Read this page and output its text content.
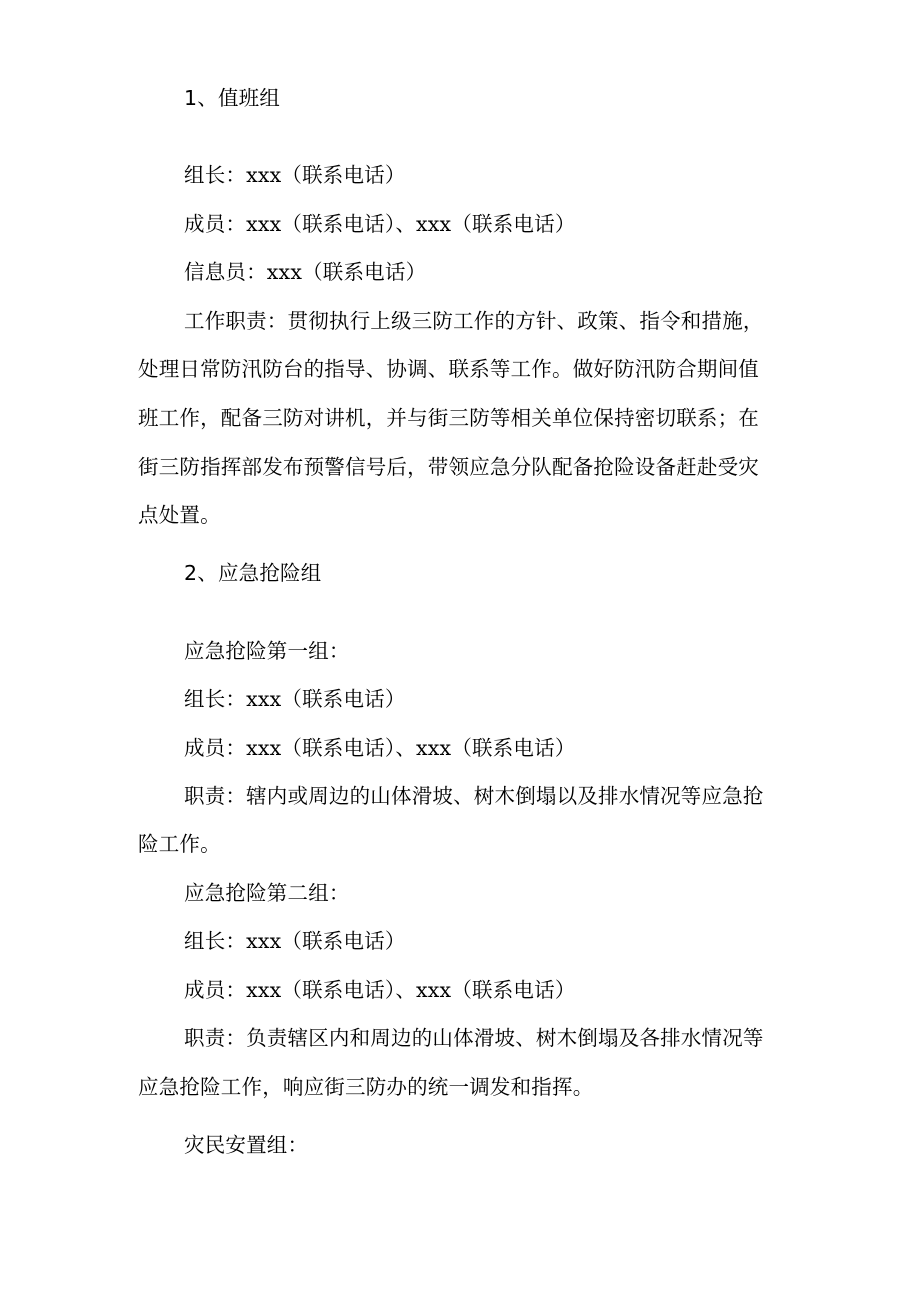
1、值班组
组长：xxx（联系电话）
成员：xxx（联系电话）、xxx（联系电话）
信息员：xxx（联系电话）
工作职责：贯彻执行上级三防工作的方针、政策、指令和措施，
处理日常防汛防台的指导、协调、联系等工作。做好防汛防合期间值
班工作，配备三防对讲机，并与街三防等相关单位保持密切联系；在
街三防指挥部发布预警信号后，带领应急分队配备抢险设备赶赴受灾
点处置。
2、应急抢险组
应急抢险第一组：
组长：xxx（联系电话）
成员：xxx（联系电话）、xxx（联系电话）
职责：辖内或周边的山体滑坡、树木倒塌以及排水情况等应急抢
险工作。
应急抢险第二组：
组长：xxx（联系电话）
成员：xxx（联系电话）、xxx（联系电话）
职责：负责辖区内和周边的山体滑坡、树木倒塌及各排水情况等
应急抢险工作，响应街三防办的统一调发和指挥。
灾民安置组：
